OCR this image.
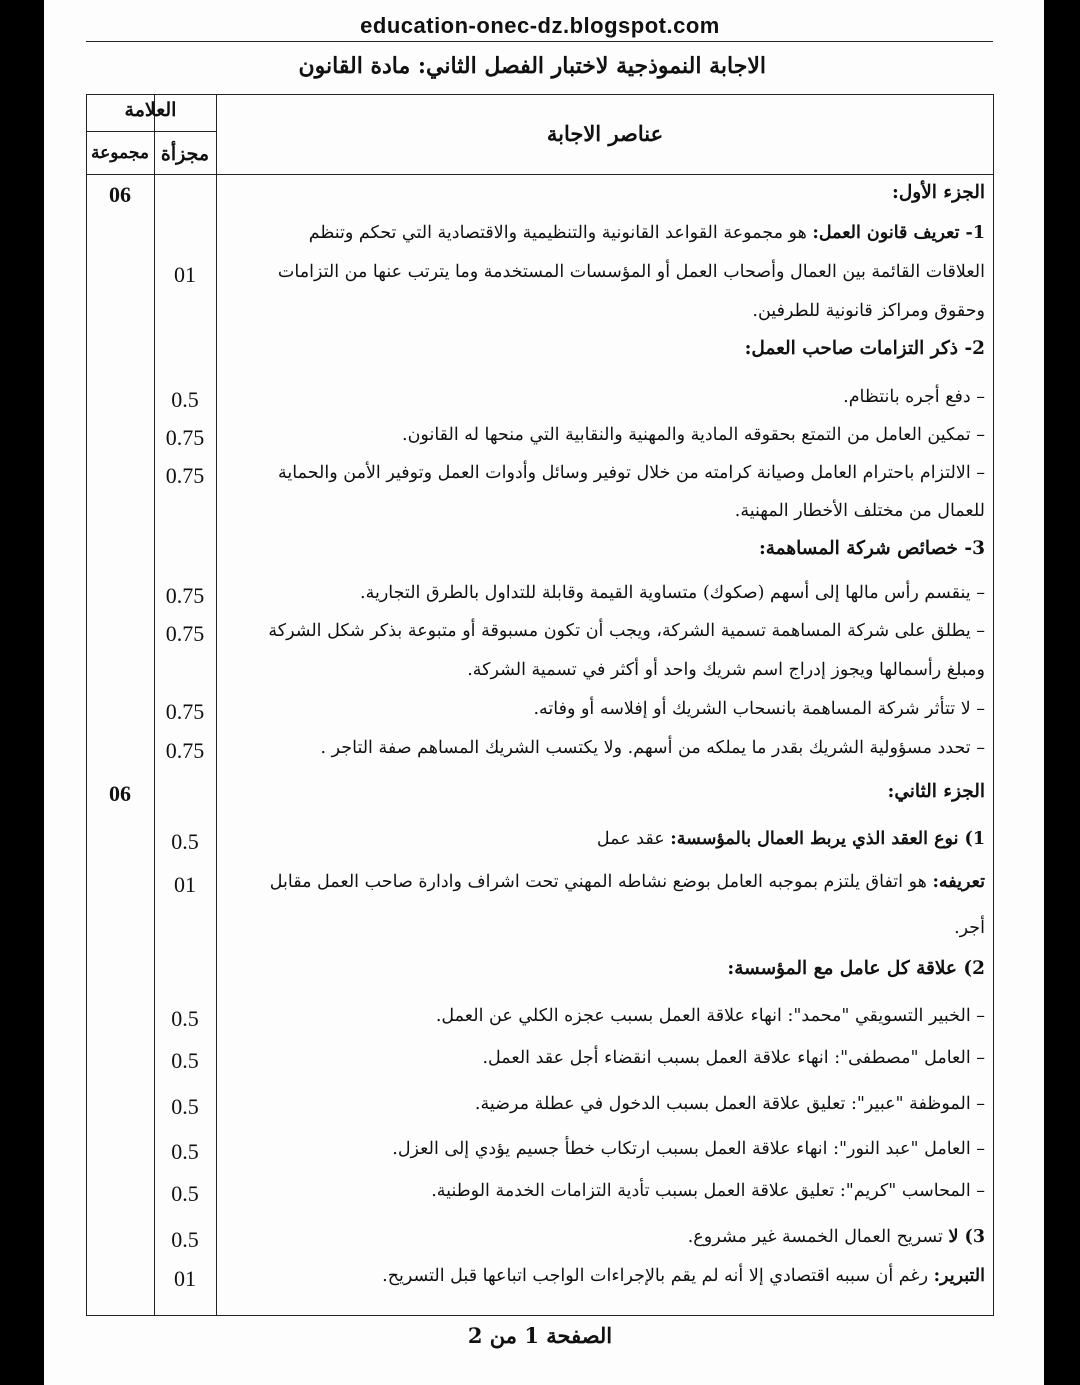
education-onec-dz.blogspot.com
الاجابة النموذجية لاختبار الفصل الثاني: مادة القانون
العلامة
مجزأة
مجموعة
عناصر الاجابة
الجزء الأول:
06
1- تعريف قانون العمل: هو مجموعة القواعد القانونية والتنظيمية والاقتصادية التي تحكم وتنظم
العلاقات القائمة بين العمال وأصحاب العمل أو المؤسسات المستخدمة وما يترتب عنها من التزامات
01
وحقوق ومراكز قانونية للطرفين.
2- ذكر التزامات صاحب العمل:
– دفع أجره بانتظام.
0.5
– تمكين العامل من التمتع بحقوقه المادية والمهنية والنقابية التي منحها له القانون.
0.75
– الالتزام باحترام العامل وصيانة كرامته من خلال توفير وسائل وأدوات العمل وتوفير الأمن والحماية
0.75
للعمال من مختلف الأخطار المهنية.
3- خصائص شركة المساهمة:
– ينقسم رأس مالها إلى أسهم (صكوك) متساوية القيمة وقابلة للتداول بالطرق التجارية.
0.75
– يطلق على شركة المساهمة تسمية الشركة، ويجب أن تكون مسبوقة أو متبوعة بذكر شكل الشركة
0.75
ومبلغ رأسمالها ويجوز إدراج اسم شريك واحد أو أكثر في تسمية الشركة.
– لا تتأثر شركة المساهمة بانسحاب الشريك أو إفلاسه أو وفاته.
0.75
– تحدد مسؤولية الشريك بقدر ما يملكه من أسهم. ولا يكتسب الشريك المساهم صفة التاجر .
0.75
الجزء الثاني:
06
1) نوع العقد الذي يربط العمال بالمؤسسة: عقد عمل
0.5
تعريفه: هو اتفاق يلتزم بموجبه العامل بوضع نشاطه المهني تحت اشراف وادارة صاحب العمل مقابل
01
أجر.
2) علاقة كل عامل مع المؤسسة:
– الخبير التسويقي "محمد": انهاء علاقة العمل بسبب عجزه الكلي عن العمل.
0.5
– العامل "مصطفى": انهاء علاقة العمل بسبب انقضاء أجل عقد العمل.
0.5
– الموظفة "عبير": تعليق علاقة العمل بسبب الدخول في عطلة مرضية.
0.5
– العامل "عبد النور": انهاء علاقة العمل بسبب ارتكاب خطأ جسيم يؤدي إلى العزل.
0.5
– المحاسب "كريم": تعليق علاقة العمل بسبب تأدية التزامات الخدمة الوطنية.
0.5
3) لا تسريح العمال الخمسة غير مشروع.
0.5
التبرير: رغم أن سببه اقتصادي إلا أنه لم يقم بالإجراءات الواجب اتباعها قبل التسريح.
01
الصفحة 1 من 2
